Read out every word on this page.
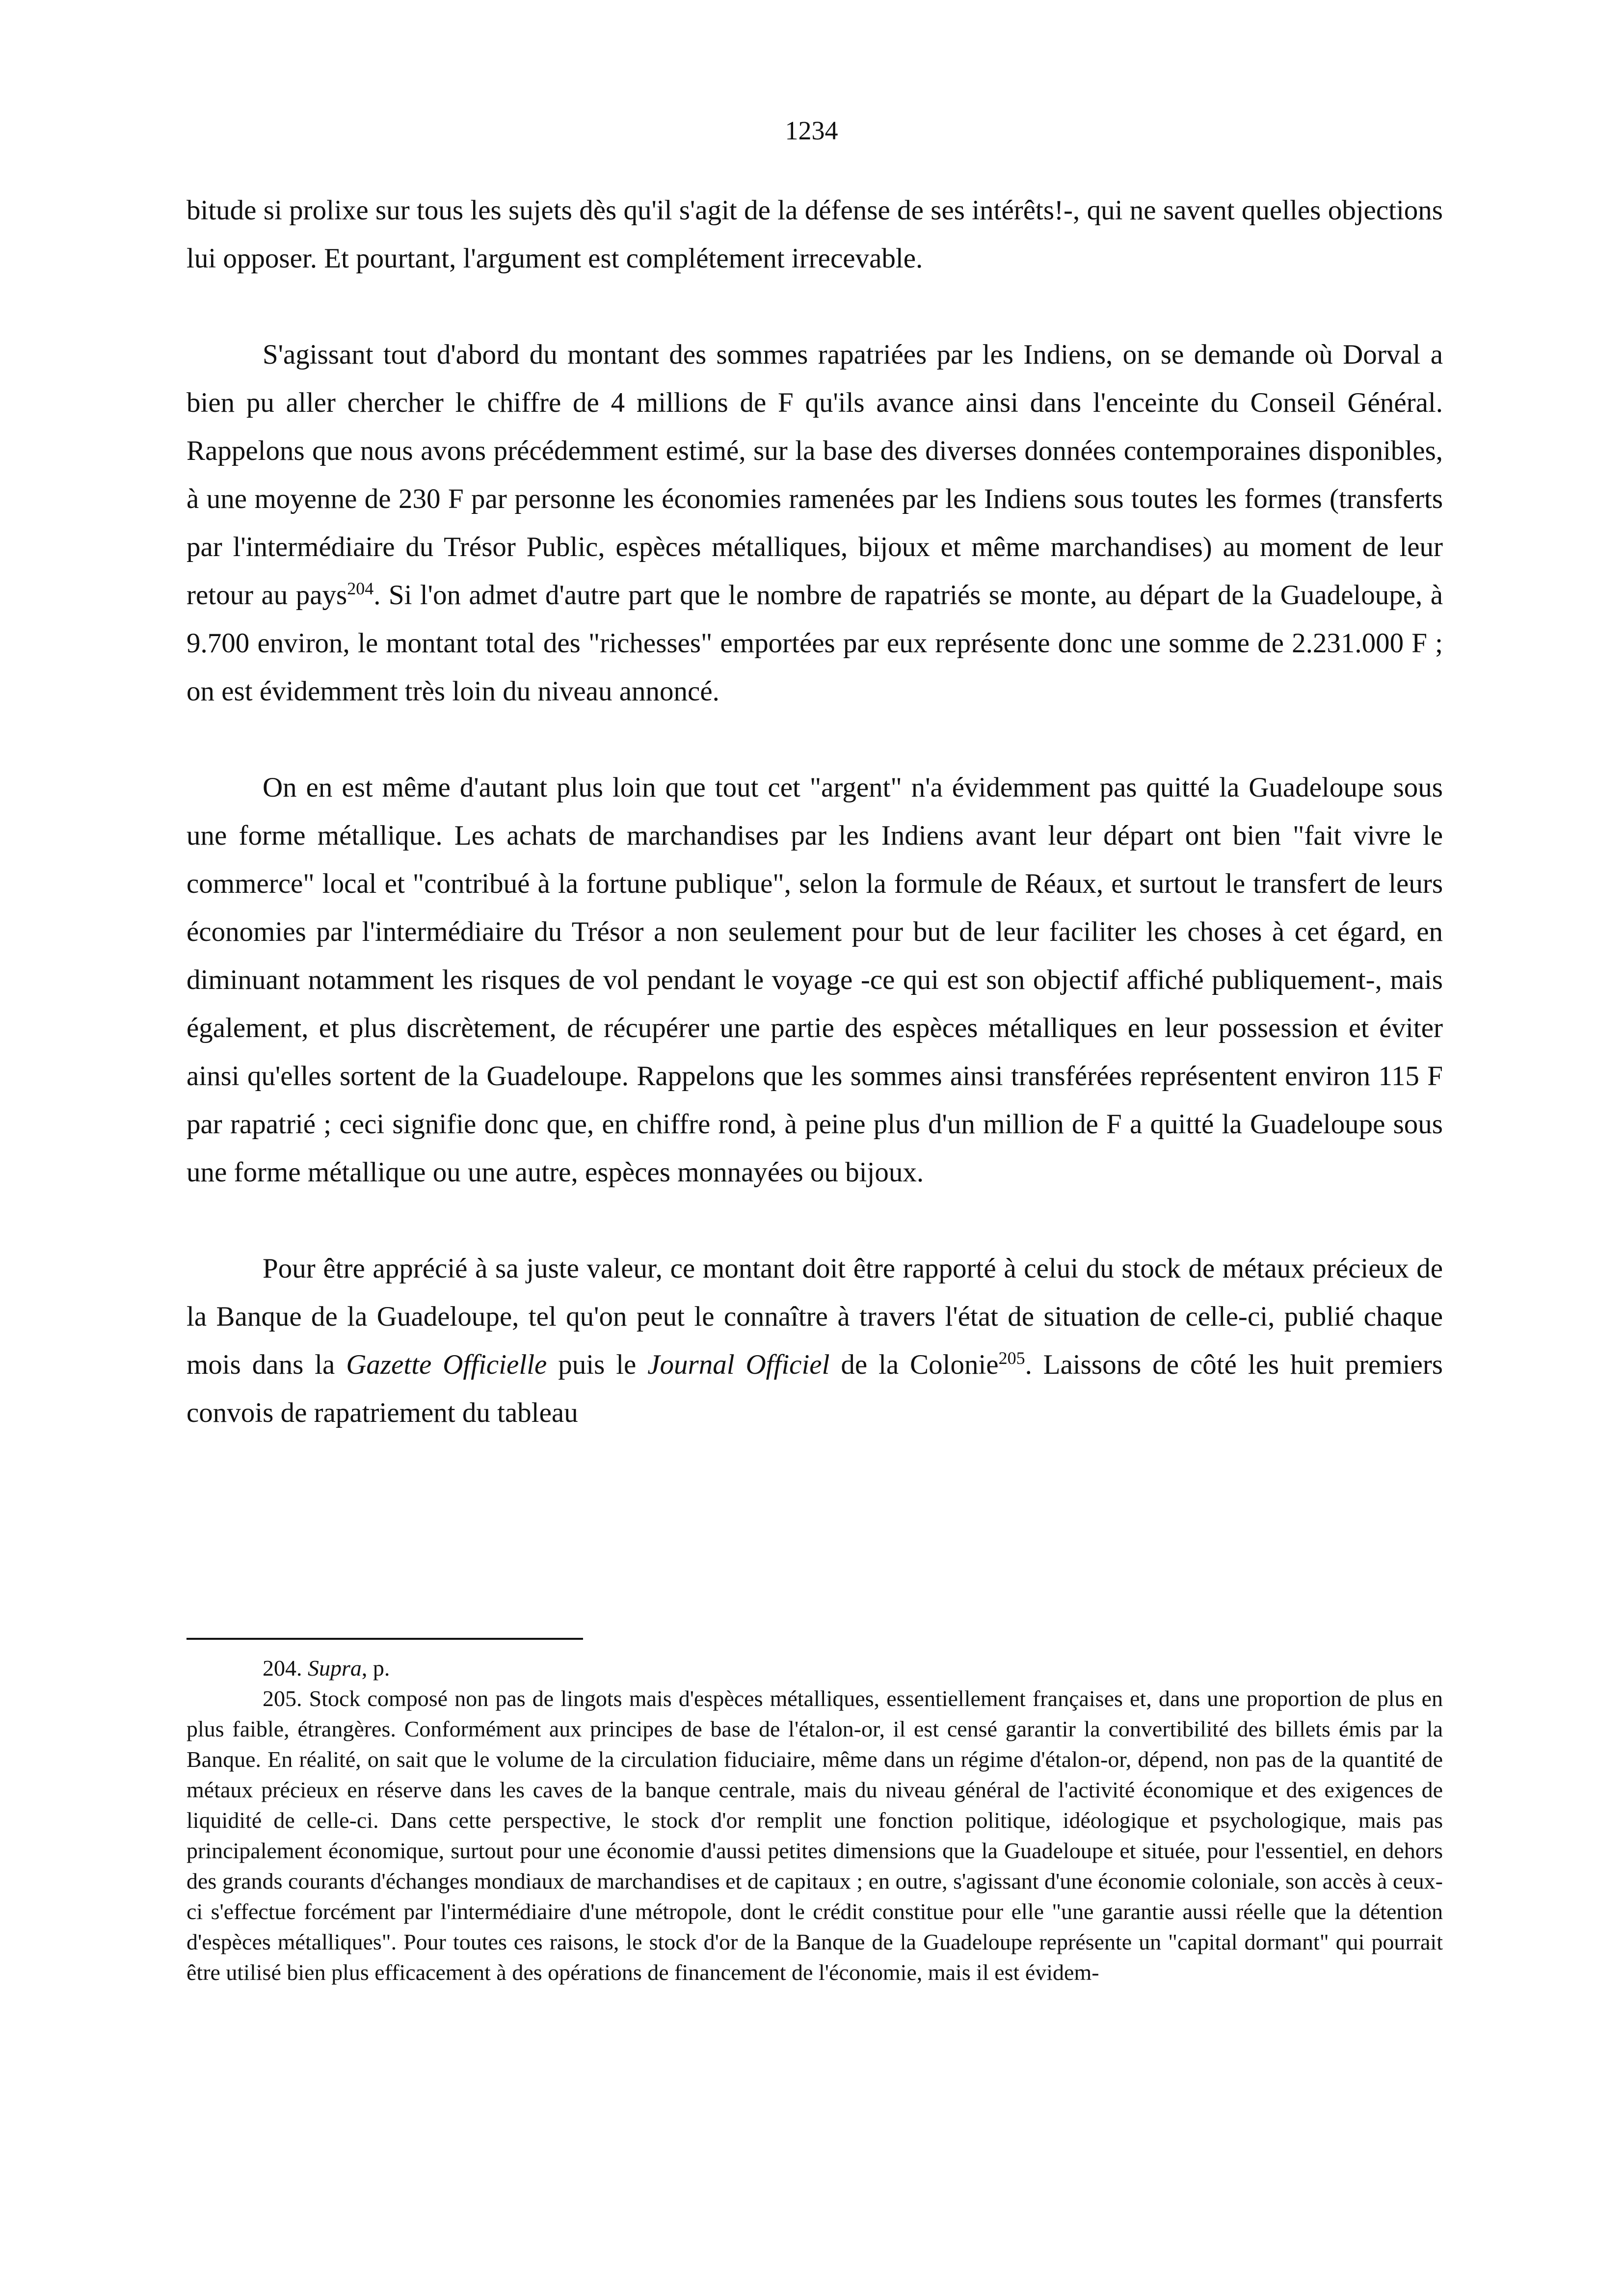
1234

bitude si prolixe sur tous les sujets dès qu'il s'agit de la défense de ses intérêts!-, qui ne savent quelles objections lui opposer. Et pourtant, l'argument est complétement irrecevable.

S'agissant tout d'abord du montant des sommes rapatriées par les Indiens, on se demande où Dorval a bien pu aller chercher le chiffre de 4 millions de F qu'ils avance ainsi dans l'enceinte du Conseil Général. Rappelons que nous avons précédemment estimé, sur la base des diverses données contemporaines disponibles, à une moyenne de 230 F par personne les économies ramenées par les Indiens sous toutes les formes (transferts par l'intermédiaire du Trésor Public, espèces métalliques, bijoux et même marchandises) au moment de leur retour au pays$^{204}$. Si l'on admet d'autre part que le nombre de rapatriés se monte, au départ de la Guadeloupe, à 9.700 environ, le montant total des "richesses" emportées par eux représente donc une somme de 2.231.000 F ; on est évidemment très loin du niveau annoncé.

On en est même d'autant plus loin que tout cet "argent" n'a évidemment pas quitté la Guadeloupe sous une forme métallique. Les achats de marchandises par les Indiens avant leur départ ont bien "fait vivre le commerce" local et "contribué à la fortune publique", selon la formule de Réaux, et surtout le transfert de leurs économies par l'intermédiaire du Trésor a non seulement pour but de leur faciliter les choses à cet égard, en diminuant notamment les risques de vol pendant le voyage -ce qui est son objectif affiché publiquement-, mais également, et plus discrètement, de récupérer une partie des espèces métalliques en leur possession et éviter ainsi qu'elles sortent de la Guadeloupe. Rappelons que les sommes ainsi transférées représentent environ 115 F par rapatrié ; ceci signifie donc que, en chiffre rond, à peine plus d'un million de F a quitté la Guadeloupe sous une forme métallique ou une autre, espèces monnayées ou bijoux.

Pour être apprécié à sa juste valeur, ce montant doit être rapporté à celui du stock de métaux précieux de la Banque de la Guadeloupe, tel qu'on peut le connaître à travers l'état de situation de celle-ci, publié chaque mois dans la Gazette Officielle puis le Journal Officiel de la Colonie$^{205}$. Laissons de côté les huit premiers convois de rapatriement du tableau

204. Supra, p.

205. Stock composé non pas de lingots mais d'espèces métalliques, essentiellement françaises et, dans une proportion de plus en plus faible, étrangères. Conformément aux principes de base de l'étalon-or, il est censé garantir la convertibilité des billets émis par la Banque. En réalité, on sait que le volume de la circulation fiduciaire, même dans un régime d'étalon-or, dépend, non pas de la quantité de métaux précieux en réserve dans les caves de la banque centrale, mais du niveau général de l'activité économique et des exigences de liquidité de celle-ci. Dans cette perspective, le stock d'or remplit une fonction politique, idéologique et psychologique, mais pas principalement économique, surtout pour une économie d'aussi petites dimensions que la Guadeloupe et située, pour l'essentiel, en dehors des grands courants d'échanges mondiaux de marchandises et de capitaux ; en outre, s'agissant d'une économie coloniale, son accès à ceux-ci s'effectue forcément par l'intermédiaire d'une métropole, dont le crédit constitue pour elle "une garantie aussi réelle que la détention d'espèces métalliques". Pour toutes ces raisons, le stock d'or de la Banque de la Guadeloupe représente un "capital dormant" qui pourrait être utilisé bien plus efficacement à des opérations de financement de l'économie, mais il est évidem-
